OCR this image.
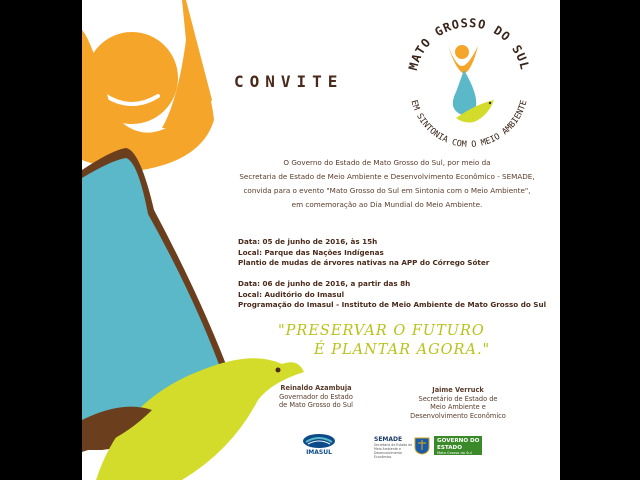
CONVITE
MATO GROSSO DO SUL
EM SINTONIA COM O MEIO AMBIENTE
O Governo do Estado de Mato Grosso do Sul, por meio da
Secretaria de Estado de Meio Ambiente e Desenvolvimento Econômico - SEMADE,
convida para o evento "Mato Grosso do Sul em Sintonia com o Meio Ambiente",
em comemoração ao Dia Mundial do Meio Ambiente.
Data: 05 de junho de 2016, às 15h
Local: Parque das Nações Indígenas
Plantio de mudas de árvores nativas na APP do Córrego Sóter
Data: 06 de junho de 2016, a partir das 8h
Local: Auditório do Imasul
Programação do Imasul - Instituto de Meio Ambiente de Mato Grosso do Sul
"PRESERVAR O FUTURO
É PLANTAR AGORA."
Reinaldo Azambuja
Governador do Estado
de Mato Grosso do Sul
Jaime Verruck
Secretário de Estado de
Meio Ambiente e
Desenvolvimento Econômico
IMASUL
SEMADE
Secretaria de Estado de Meio Ambiente e Desenvolvimento Econômico
GOVERNO DO ESTADO
Mato Grosso do Sul
